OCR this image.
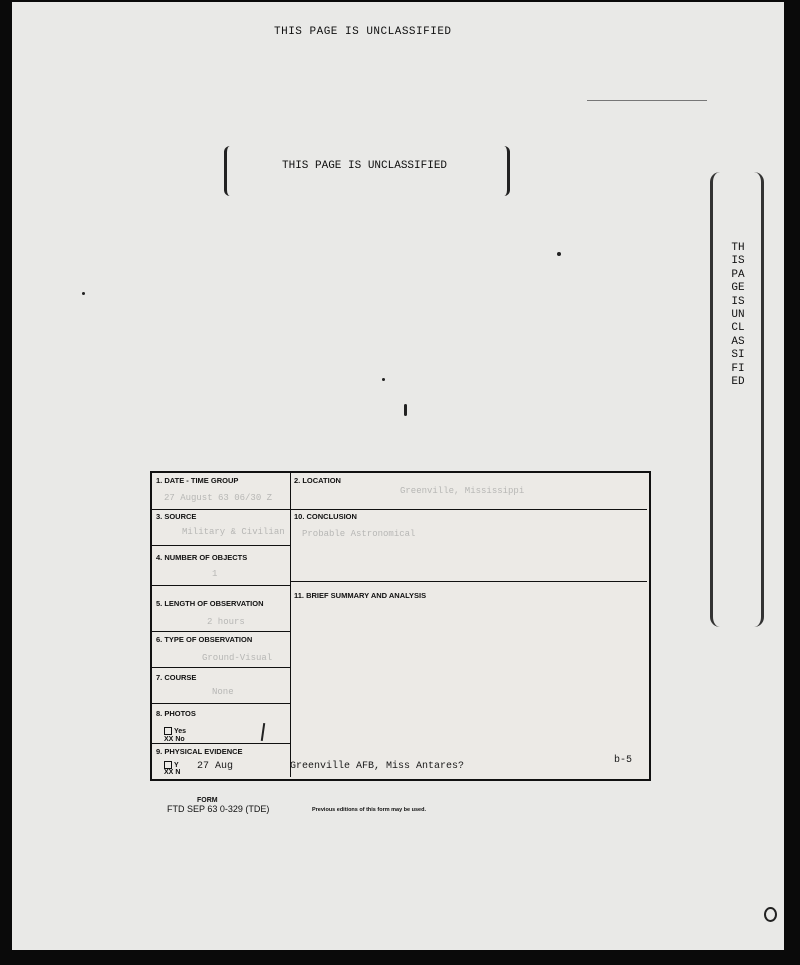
THIS PAGE IS UNCLASSIFIED
THIS PAGE IS UNCLASSIFIED
THIS PAGE IS UNCLASSIFIED
1. DATE - TIME GROUP
27 August 63 06/30 Z
2. LOCATION
Greenville, Mississippi
3. SOURCE
Military & Civilian
4. NUMBER OF OBJECTS
1
5. LENGTH OF OBSERVATION
2 hours
6. TYPE OF OBSERVATION
Ground-Visual
7. COURSE
None
8. PHOTOS
Yes
XX No
9. PHYSICAL EVIDENCE
Y
XX N
27 Aug
10. CONCLUSION
Probable Astronomical
11. BRIEF SUMMARY AND ANALYSIS
Greenville AFB, Miss Antares?
b-5
FORM
FTD SEP 63 0-329 (TDE)	Previous editions of this form may be used.
